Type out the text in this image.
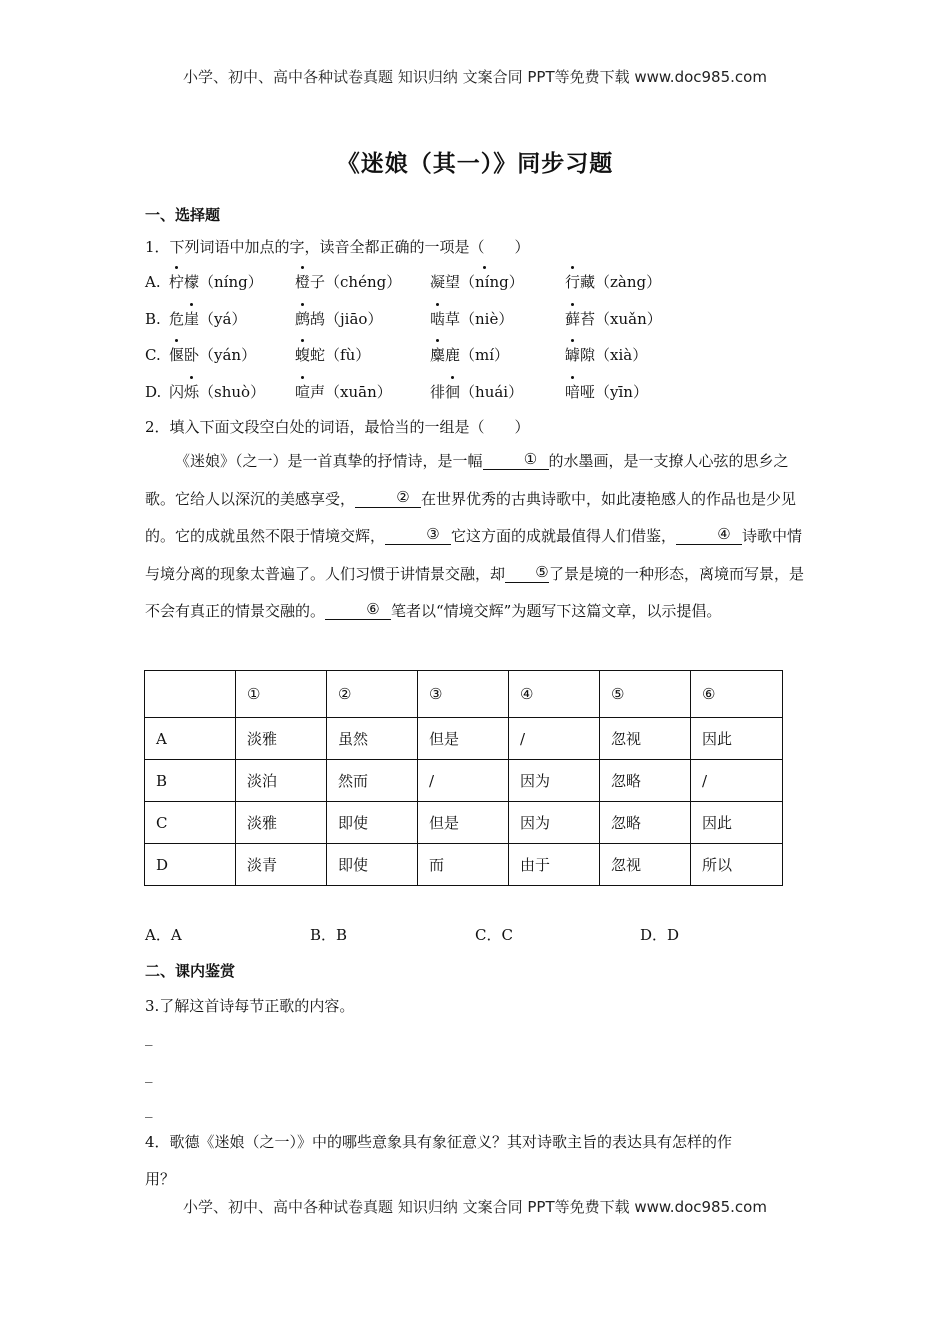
小学、初中、高中各种试卷真题 知识归纳 文案合同 PPT等免费下载 www.doc985.com
《迷娘（其一）》同步习题
一、选择题
1．下列词语中加点的字，读音全都正确的一项是（　　）
A. 柠檬（níng） 橙子（chéng） 凝望（níng）	行藏（zàng）
B. 危崖（yá）	鹧鸪（jiāo）	啮草（niè）	藓苔（xuǎn）
C. 偃卧（yán）	蝮蛇（fù）	麋鹿（mí）	罅隙（xià）
D. 闪烁（shuò） 喧声（xuān）	徘徊（huái）	喑哑（yīn）
2．填入下面文段空白处的词语，最恰当的一组是（　　）
《迷娘》（之一）是一首真挚的抒情诗，是一幅	① 的水墨画，是一支撩人心弦的思乡之歌。它给人以深沉的美感享受，	② 在世界优秀的古典诗歌中，如此凄艳感人的作品也是少见的。它的成就虽然不限于情境交辉，	③ 它这方面的成就最值得人们借鉴，	④ 诗歌中情与境分离的现象太普遍了。人们习惯于讲情景交融，却 ⑤了景是境的一种形态，离境而写景，是不会有真正的情景交融的。	⑥ 笔者以“情境交辉”为题写下这篇文章，以示提倡。
	①	②	③	④	⑤	⑥
A	淡雅	虽然	但是	/	忽视	因此
B	淡泊	然而	/	因为	忽略	/
C	淡雅	即使	但是	因为	忽略	因此
D	淡青	即使	而	由于	忽视	所以
A．A	B．B	C．C	D．D
二、课内鉴赏
3.了解这首诗每节正歌的内容。
_
_
_
4．歌德《迷娘（之一）》中的哪些意象具有象征意义？其对诗歌主旨的表达具有怎样的作
用？
小学、初中、高中各种试卷真题 知识归纳 文案合同 PPT等免费下载 www.doc985.com
